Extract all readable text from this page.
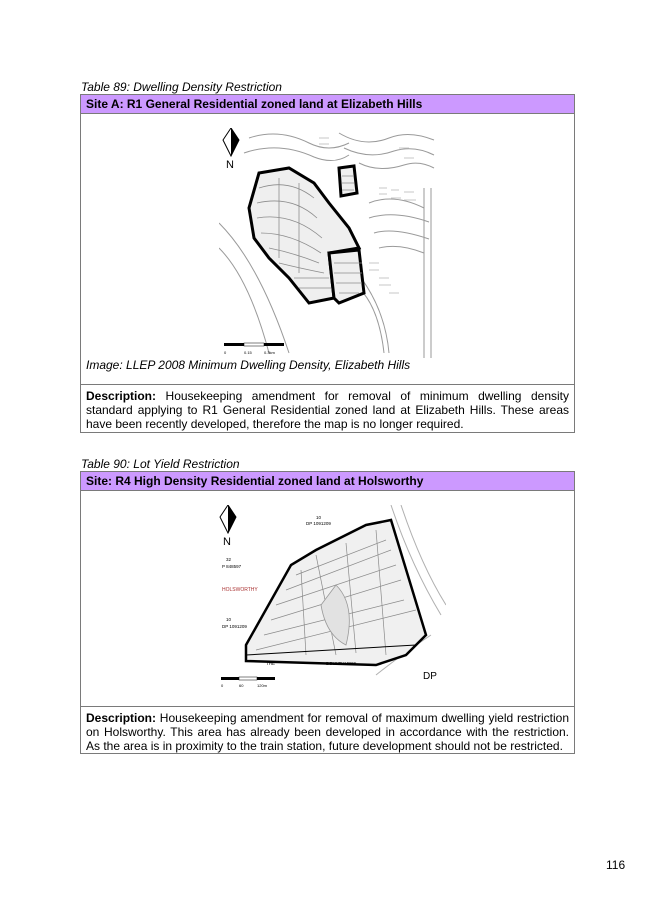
Table 89: Dwelling Density Restriction
Site A: R1 General Residential zoned land at Elizabeth Hills
N
0	0.15	0.3km
Image: LLEP 2008 Minimum Dwelling Density, Elizabeth Hills
Description: Housekeeping amendment for removal of minimum dwelling density standard applying to R1 General Residential zoned land at Elizabeth Hills. These areas have been recently developed, therefore the map is no longer required.
Table 90: Lot Yield Restriction
Site: R4 High Density Residential zoned land at Holsworthy
N
10
DP 1091209
32
P 848597
HOLSWORTHY
10
DP 1091209
THE	BOULEVARDE
DP
0	60	120m
Description: Housekeeping amendment for removal of maximum dwelling yield restriction on Holsworthy. This area has already been developed in accordance with the restriction. As the area is in proximity to the train station, future development should not be restricted.
116
